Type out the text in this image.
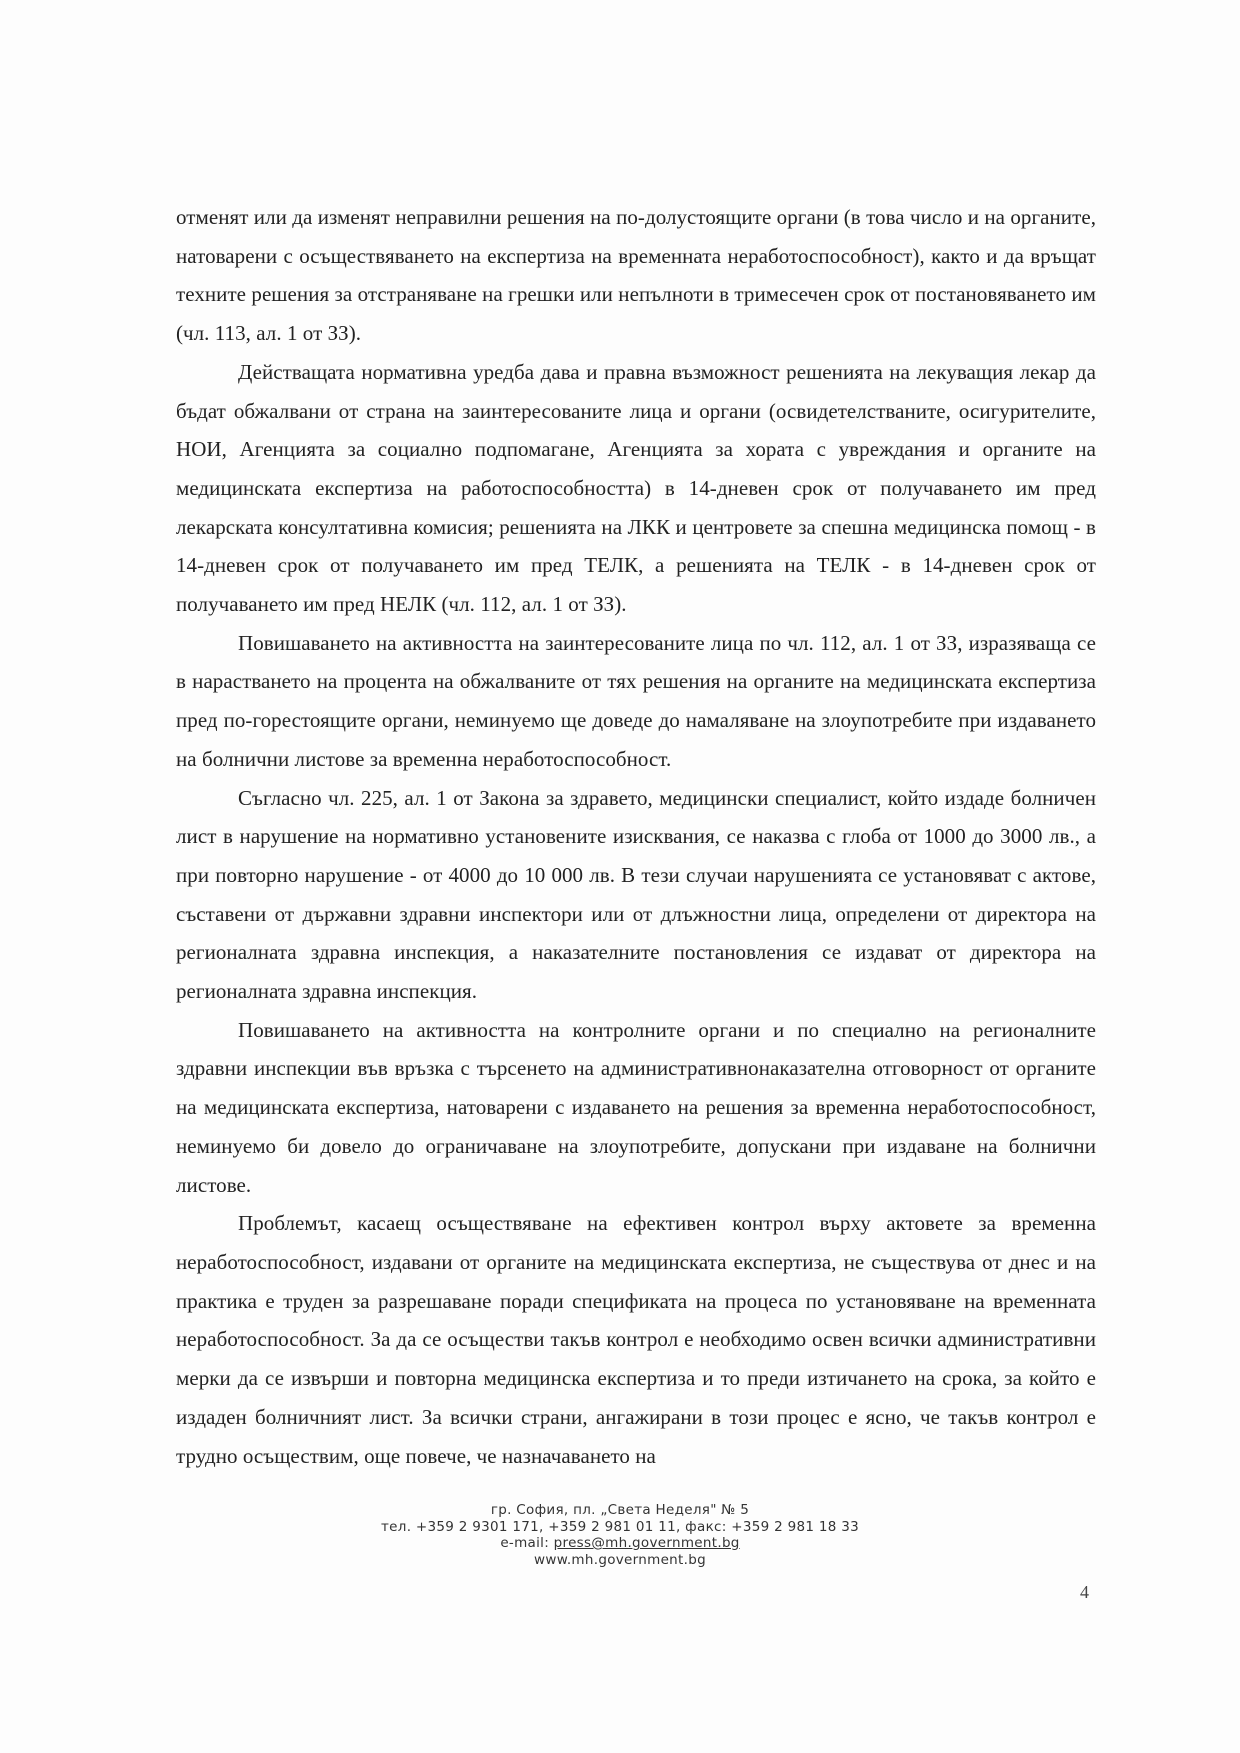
отменят или да изменят неправилни решения на по-долустоящите органи (в това число и на органите, натоварени с осъществяването на експертиза на временната неработоспособност), както и да връщат техните решения за отстраняване на грешки или непълноти в тримесечен срок от постановяването им (чл. 113, ал. 1 от ЗЗ).

Действащата нормативна уредба дава и правна възможност решенията на лекуващия лекар да бъдат обжалвани от страна на заинтересованите лица и органи (освидетелстваните, осигурителите, НОИ, Агенцията за социално подпомагане, Агенцията за хората с увреждания и органите на медицинската експертиза на работоспособността) в 14-дневен срок от получаването им пред лекарската консултативна комисия; решенията на ЛКК и центровете за спешна медицинска помощ - в 14-дневен срок от получаването им пред ТЕЛК, а решенията на ТЕЛК - в 14-дневен срок от получаването им пред НЕЛК (чл. 112, ал. 1 от ЗЗ).

Повишаването на активността на заинтересованите лица по чл. 112, ал. 1 от ЗЗ, изразяваща се в нарастването на процента на обжалваните от тях решения на органите на медицинската експертиза пред по-горестоящите органи, неминуемо ще доведе до намаляване на злоупотребите при издаването на болнични листове за временна неработоспособност.

Съгласно чл. 225, ал. 1 от Закона за здравето, медицински специалист, който издаде болничен лист в нарушение на нормативно установените изисквания, се наказва с глоба от 1000 до 3000 лв., а при повторно нарушение - от 4000 до 10 000 лв. В тези случаи нарушенията се установяват с актове, съставени от държавни здравни инспектори или от длъжностни лица, определени от директора на регионалната здравна инспекция, а наказателните постановления се издават от директора на регионалната здравна инспекция.

Повишаването на активността на контролните органи и по специално на регионалните здравни инспекции във връзка с търсенето на административнонаказателна отговорност от органите на медицинската експертиза, натоварени с издаването на решения за временна неработоспособност, неминуемо би довело до ограничаване на злоупотребите, допускани при издаване на болнични листове.

Проблемът, касаещ осъществяване на ефективен контрол върху актовете за временна неработоспособност, издавани от органите на медицинската експертиза, не съществува от днес и на практика е труден за разрешаване поради спецификата на процеса по установяване на временната неработоспособност. За да се осъществи такъв контрол е необходимо освен всички административни мерки да се извърши и повторна медицинска експертиза и то преди изтичането на срока, за който е издаден болничният лист. За всички страни, ангажирани в този процес е ясно, че такъв контрол е трудно осъществим, още повече, че назначаването на

гр. София, пл. „Света Неделя" № 5
тел. +359 2 9301 171, +359 2 981 01 11, факс: +359 2 981 18 33
e-mail: press@mh.government.bg
www.mh.government.bg
4
